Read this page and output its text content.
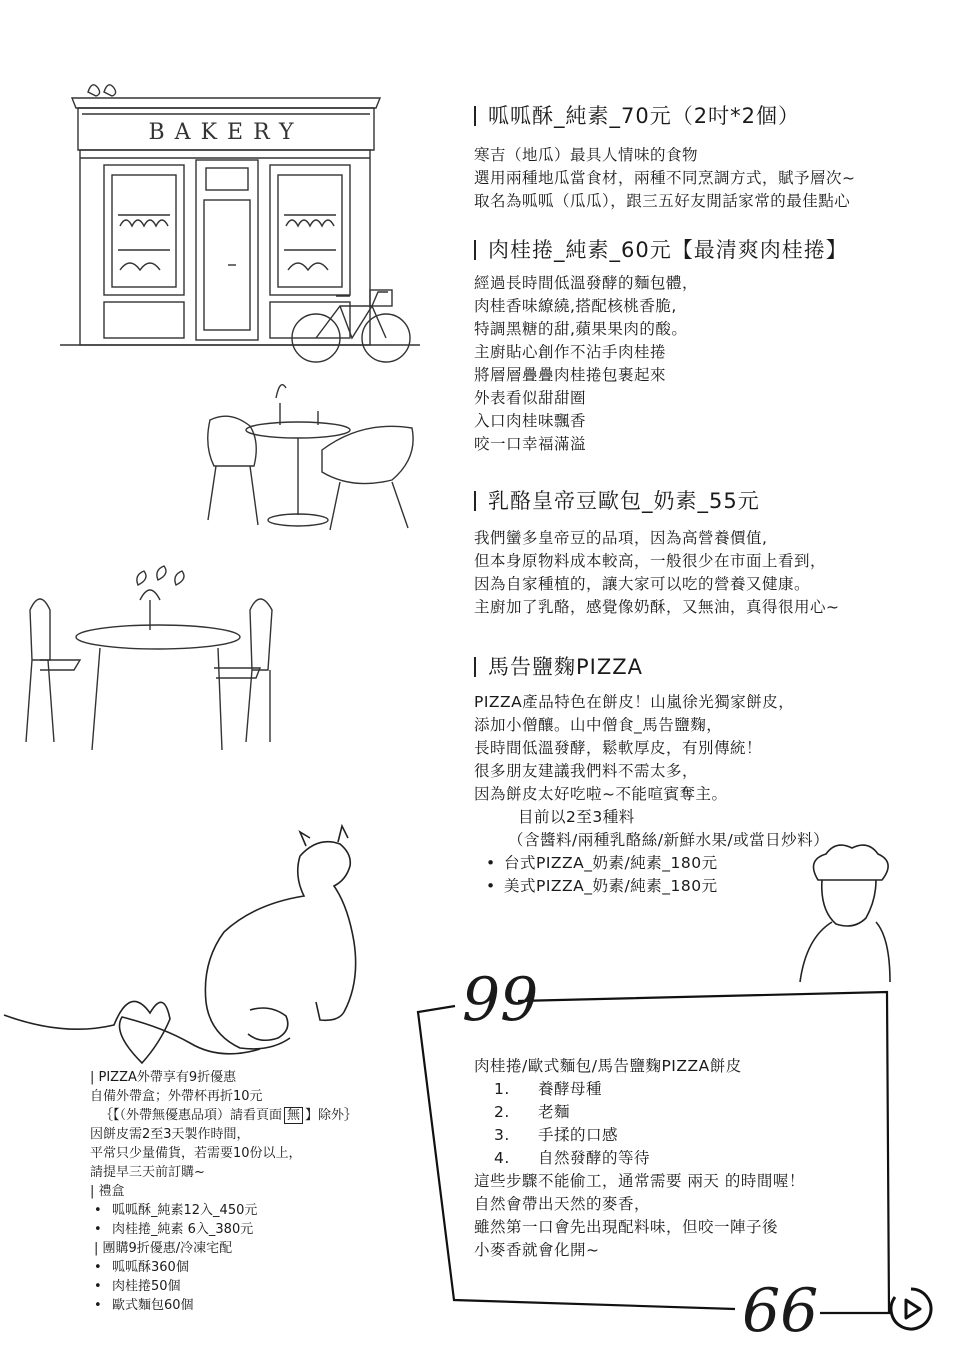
BAKERY
99
66
呱呱酥_純素_70元（2吋*2個）
寒吉（地瓜）最具人情味的食物
選用兩種地瓜當食材，兩種不同烹調方式，賦予層次~
取名為呱呱（瓜瓜），跟三五好友閒話家常的最佳點心
肉桂捲_純素_60元【最清爽肉桂捲】
經過長時間低溫發酵的麵包體，
肉桂香味繚繞,搭配核桃香脆,
特調黑糖的甜,蘋果果肉的酸。
主廚貼心創作不沾手肉桂捲
將層層疊疊肉桂捲包裹起來
外表看似甜甜圈
入口肉桂味飄香
咬一口幸福滿溢
乳酪皇帝豆歐包_奶素_55元
我們蠻多皇帝豆的品項，因為高營養價值,
但本身原物料成本較高，一般很少在市面上看到，
因為自家種植的，讓大家可以吃的營養又健康。
主廚加了乳酪，感覺像奶酥，又無油，真得很用心~
馬告鹽麴PIZZA
PIZZA產品特色在餅皮！山嵐徐光獨家餅皮，
添加小僧釀。山中僧食_馬告鹽麴，
長時間低溫發酵，鬆軟厚皮，有別傳統！
很多朋友建議我們料不需太多，
因為餅皮太好吃啦~不能喧賓奪主。
目前以2至3種料
（含醬料/兩種乳酪絲/新鮮水果/或當日炒料）
• 台式PIZZA_奶素/純素_180元
• 美式PIZZA_奶素/純素_180元
肉桂捲/歐式麵包/馬告鹽麴PIZZA餅皮
1. 養酵母種
2. 老麵
3. 手揉的口感
4. 自然發酵的等待
這些步驟不能偷工，通常需要 兩天 的時間喔！
自然會帶出天然的麥香，
雖然第一口會先出現配料味，但咬一陣子後
小麥香就會化開~
| PIZZA外帶享有9折優惠
自備外帶盒；外帶杯再折10元
｛【（外帶無優惠品項）請看頁面 無 】除外｝
因餅皮需2至3天製作時間，
平常只少量備貨，若需要10份以上，
請提早三天前訂購~
| 禮盒
• 呱呱酥_純素12入_450元
• 肉桂捲_純素 6入_380元
| 團購9折優惠/冷凍宅配
• 呱呱酥360個
• 肉桂捲50個
• 歐式麵包60個
